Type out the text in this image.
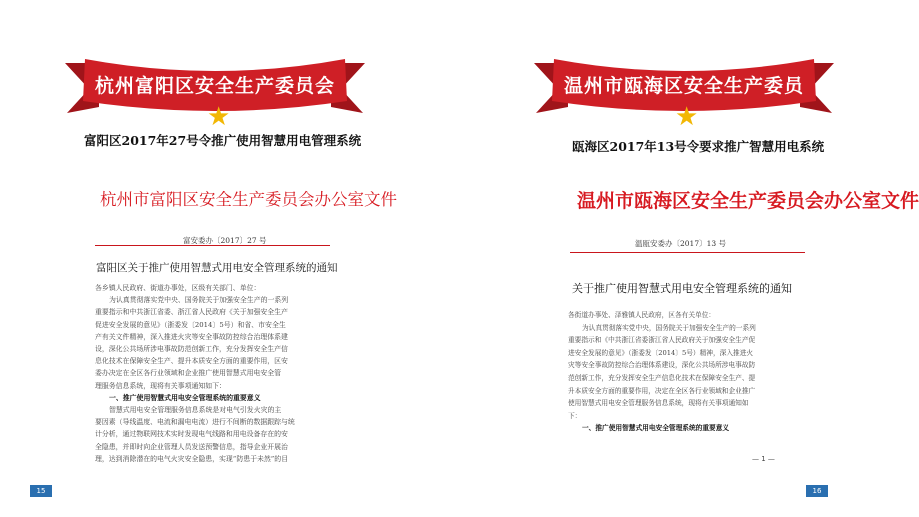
杭州富阳区安全生产委员会
★
富阳区2017年27号令推广使用智慧用电管理系统
杭州市富阳区安全生产委员会办公室文件
富安委办〔2017〕27 号
富阳区关于推广使用智慧式用电安全管理系统的通知

各乡镇人民政府、街道办事处，区级有关部门、单位：

为认真贯彻落实党中央、国务院关于加强安全生产的一系列

重要指示和中共浙江省委、浙江省人民政府《关于加强安全生产

促进安全发展的意见》（浙委发〔2014〕5号）和省、市安全生

产有关文件精神，深入推进火灾等安全事故防控综合治理体系建

设，深化公共场所涉电事故防范创新工作，充分发挥安全生产信

息化技术在保障安全生产、提升本质安全方面的重要作用，区安

委办决定在全区各行业领域和企业推广使用智慧式用电安全管

理服务信息系统，现将有关事项通知如下：

一、推广使用智慧式用电安全管理系统的重要意义

智慧式用电安全管理服务信息系统是对电气引发火灾的主

要因素（导线温度、电流和漏电电流）进行不间断的数据跟踪与统

计分析，通过物联网技术实时发现电气线路和用电设备存在的安

全隐患，并即时向企业管理人员发送预警信息，指导企业开展治

理，达到消除潜在的电气火灾安全隐患，实现“防患于未然”的目

15
温州市瓯海区安全生产委员
★
瓯海区2017年13号令要求推广智慧用电系统
温州市瓯海区安全生产委员会办公室文件
温瓯安委办〔2017〕13 号
关于推广使用智慧式用电安全管理系统的通知

各街道办事处、泽雅镇人民政府，区各有关单位：

为认真贯彻落实党中央，国务院关于加强安全生产的一系列

重要指示和《中共浙江省委浙江省人民政府关于加强安全生产促

进安全发展的意见》（浙委发〔2014〕5号）精神，深入推进火

灾等安全事故防控综合治理体系建设，深化公共场所涉电事故防

范创新工作，充分发挥安全生产信息化技术在保障安全生产、提

升本质安全方面的重要作用，决定在全区各行业领域和企业推广

使用智慧式用电安全管理服务信息系统，现将有关事项通知如

下：

一、推广使用智慧式用电安全管理系统的重要意义

— 1 —
16
